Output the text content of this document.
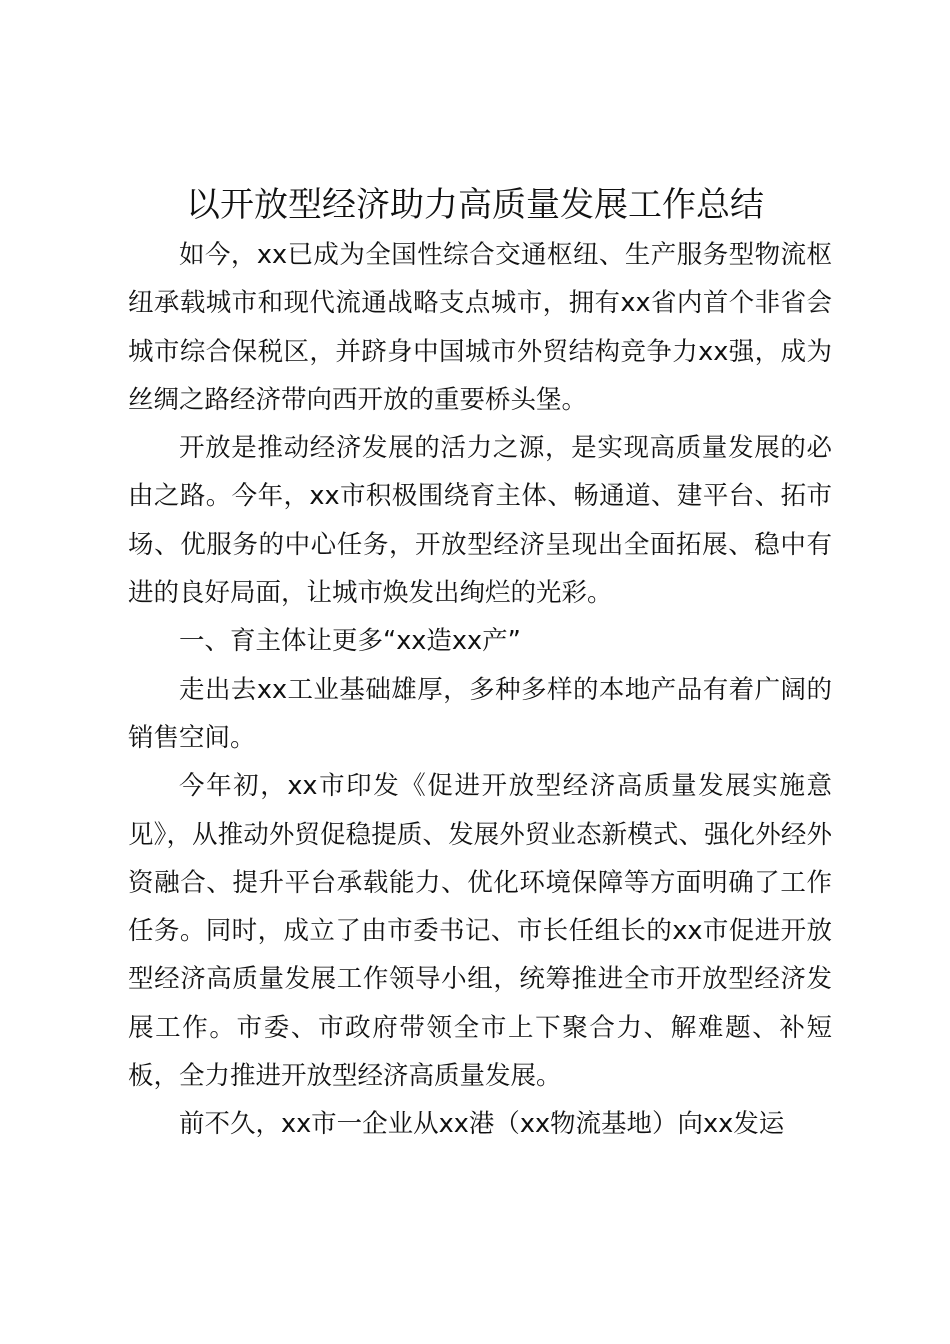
以开放型经济助力高质量发展工作总结

如今，xx已成为全国性综合交通枢纽、生产服务型物流枢纽承载城市和现代流通战略支点城市，拥有xx省内首个非省会城市综合保税区，并跻身中国城市外贸结构竞争力xx强，成为丝绸之路经济带向西开放的重要桥头堡。

开放是推动经济发展的活力之源，是实现高质量发展的必由之路。今年，xx市积极围绕育主体、畅通道、建平台、拓市场、优服务的中心任务，开放型经济呈现出全面拓展、稳中有进的良好局面，让城市焕发出绚烂的光彩。

一、育主体让更多“xx造xx产”

走出去xx工业基础雄厚，多种多样的本地产品有着广阔的销售空间。

今年初，xx市印发《促进开放型经济高质量发展实施意见》，从推动外贸促稳提质、发展外贸业态新模式、强化外经外资融合、提升平台承载能力、优化环境保障等方面明确了工作任务。同时，成立了由市委书记、市长任组长的xx市促进开放型经济高质量发展工作领导小组，统筹推进全市开放型经济发展工作。市委、市政府带领全市上下聚合力、解难题、补短板，全力推进开放型经济高质量发展。

前不久，xx市一企业从xx港（xx物流基地）向xx发运
